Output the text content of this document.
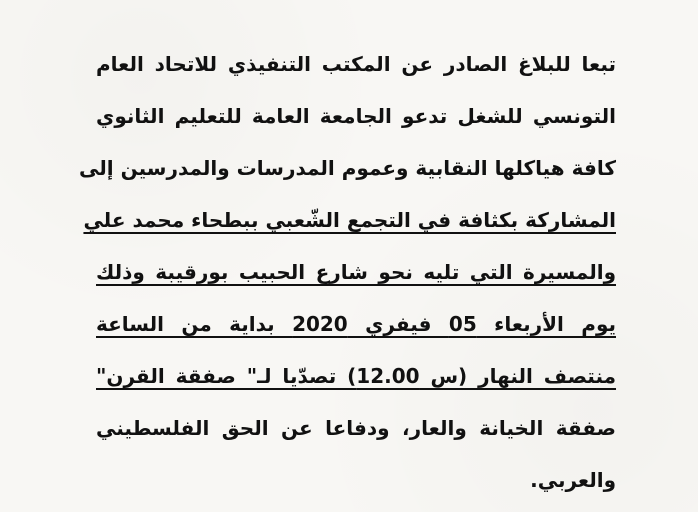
تبعا للبلاغ الصادر عن المكتب التنفيذي للاتحاد العام
التونسي للشغل تدعو الجامعة العامة للتعليم الثانوي
كافة هياكلها النقابية وعموم المدرسات والمدرسين إلى
المشاركة بكثافة في التجمع الشّعبي ببطحاء محمد علي
والمسيرة التي تليه نحو شارع الحبيب بورقيبة وذلك
يوم الأربعاء 05 فيفري 2020 بداية من الساعة
منتصف النهار (س 12.00) تصدّيا لـ" صفقة القرن"
صفقة الخيانة والعار، ودفاعا عن الحق الفلسطيني
والعربي.
